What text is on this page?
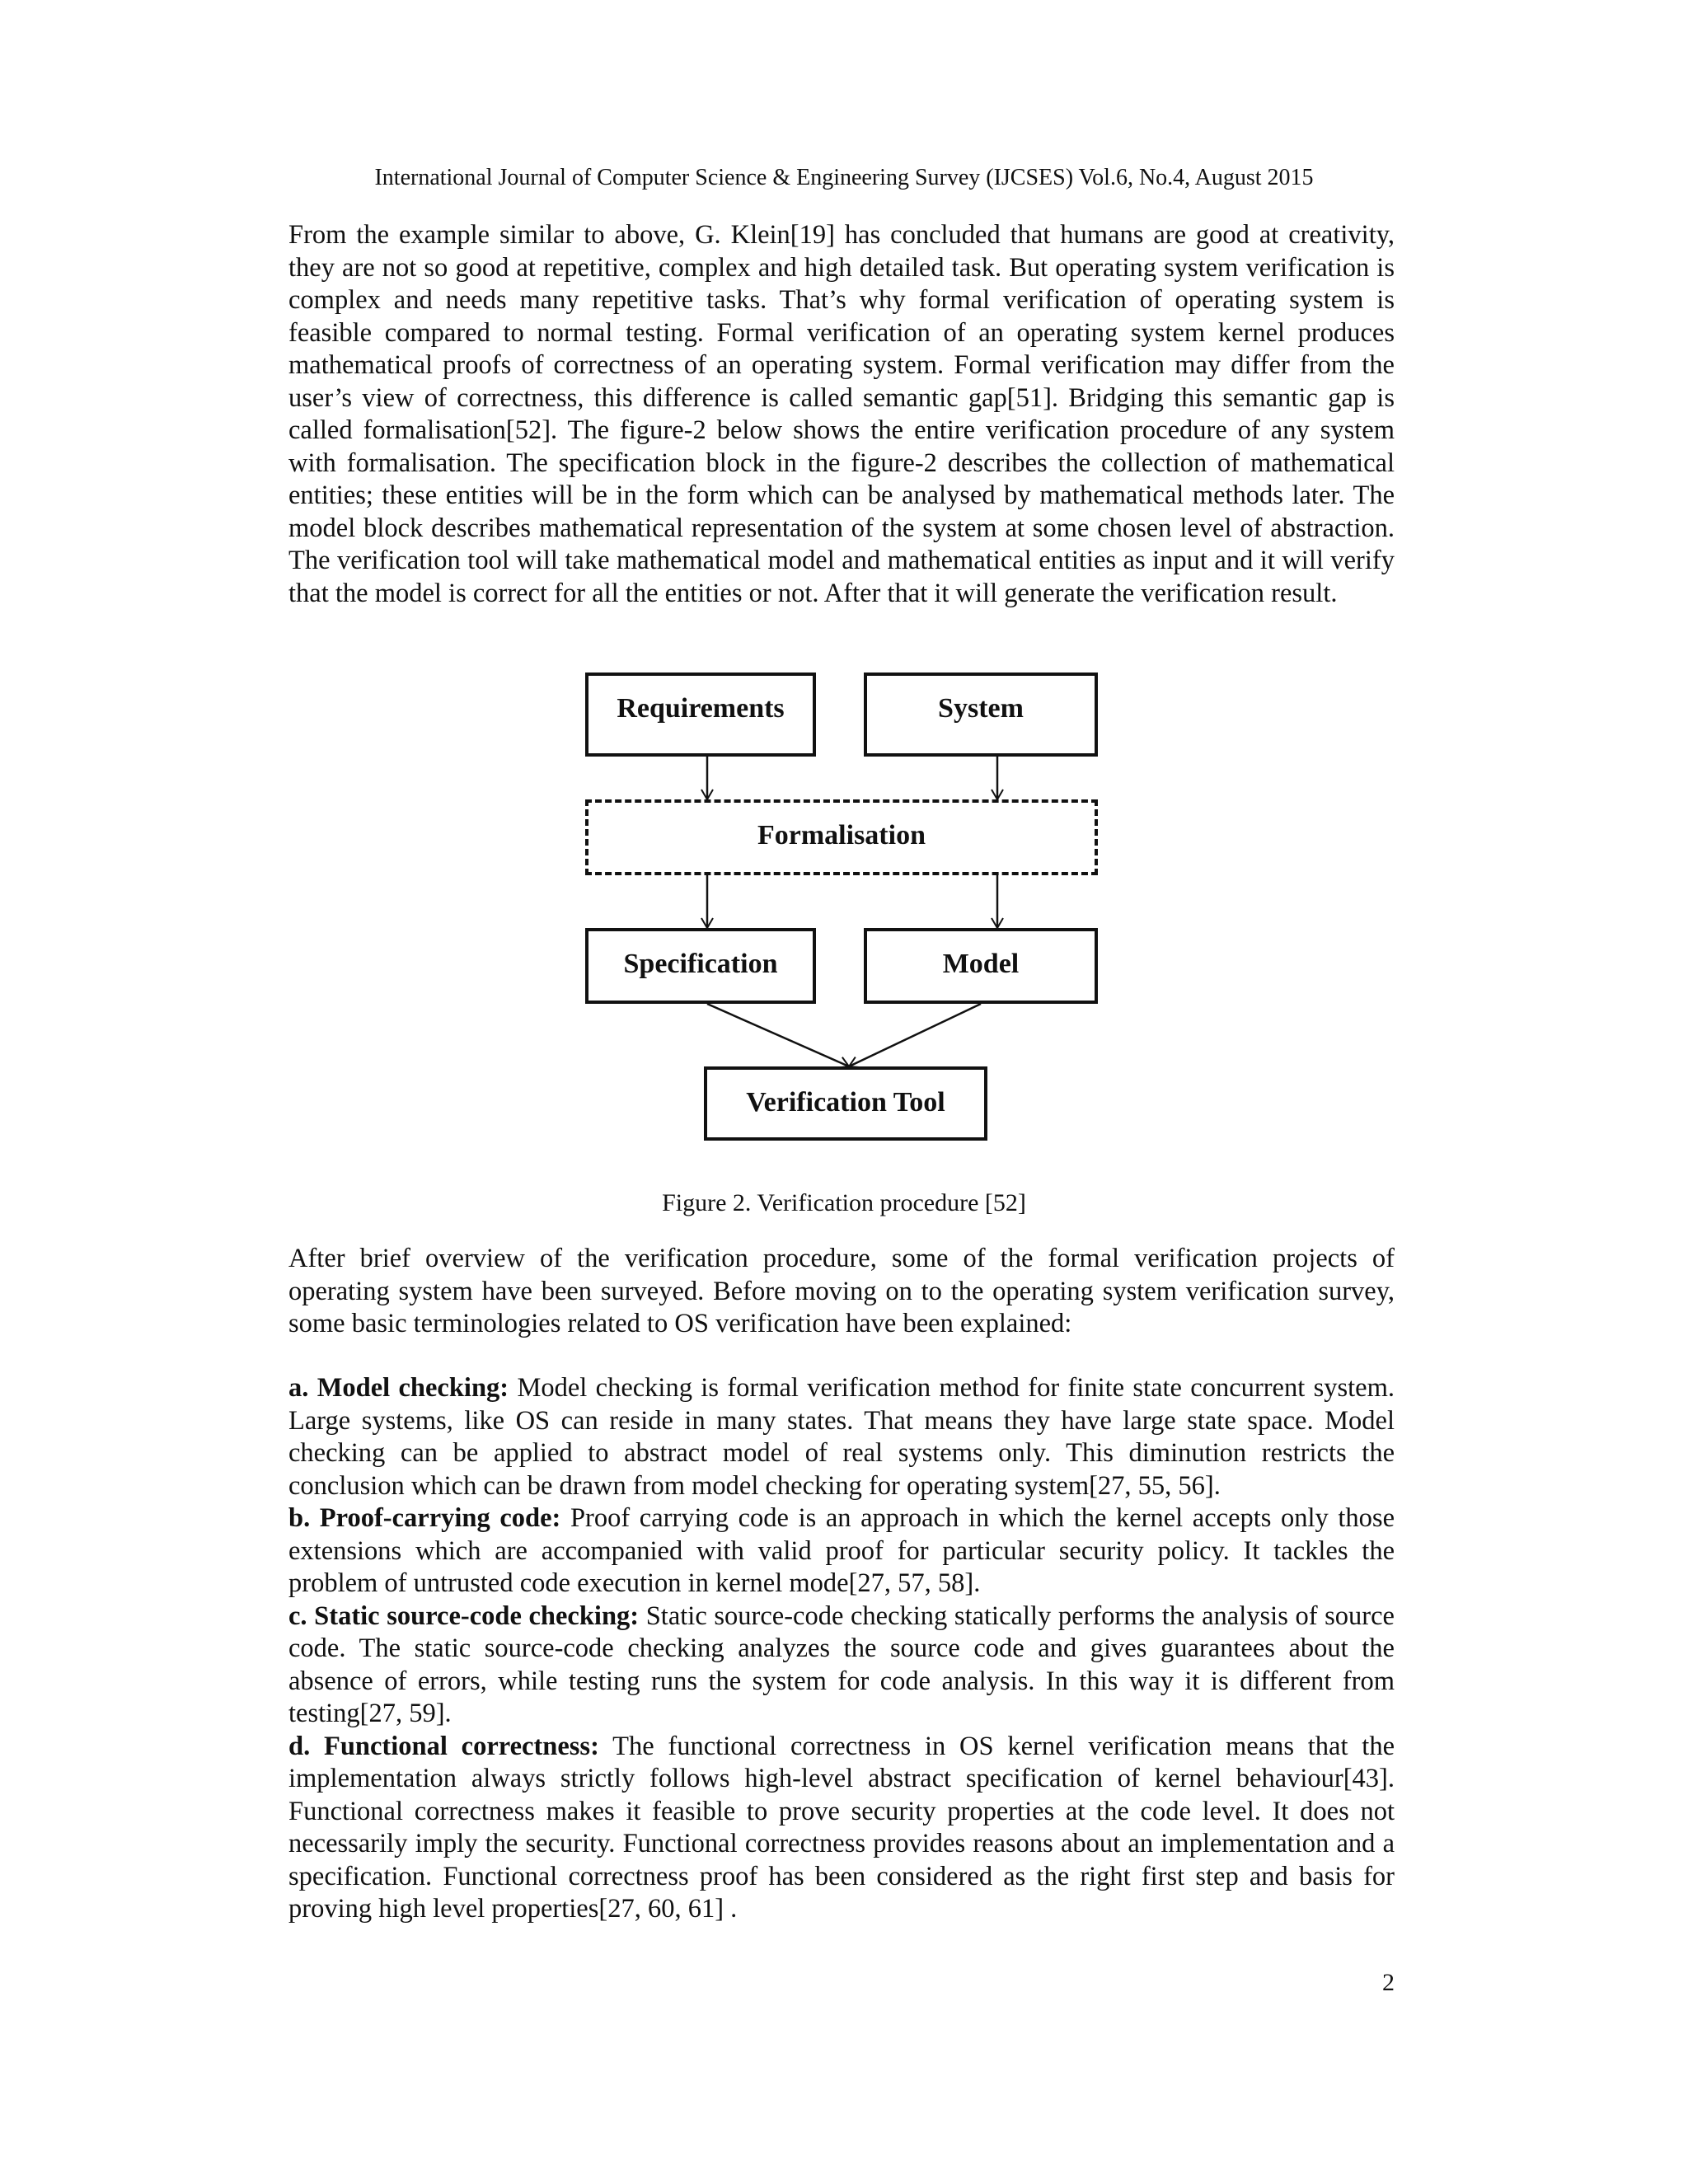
International Journal of Computer Science & Engineering Survey (IJCSES) Vol.6, No.4, August 2015

From the example similar to above, G. Klein[19] has concluded that humans are good at creativity, they are not so good at repetitive, complex and high detailed task. But operating system verification is complex and needs many repetitive tasks. That’s why formal verification of operating system is feasible compared to normal testing. Formal verification of an operating system kernel produces mathematical proofs of correctness of an operating system. Formal verification may differ from the user’s view of correctness, this difference is called semantic gap[51]. Bridging this semantic gap is called formalisation[52]. The figure-2 below shows the entire verification procedure of any system with formalisation. The specification block in the figure-2 describes the collection of mathematical entities; these entities will be in the form which can be analysed by mathematical methods later. The model block describes mathematical representation of the system at some chosen level of abstraction. The verification tool will take mathematical model and mathematical entities as input and it will verify that the model is correct for all the entities or not. After that it will generate the verification result.

Requirements	System
Formalisation
Specification	Model
Verification Tool
Figure 2. Verification procedure [52]

After brief overview of the verification procedure, some of the formal verification projects of operating system have been surveyed. Before moving on to the operating system verification survey, some basic terminologies related to OS verification have been explained:

a. Model checking: Model checking is formal verification method for finite state concurrent system. Large systems, like OS can reside in many states. That means they have large state space. Model checking can be applied to abstract model of real systems only. This diminution restricts the conclusion which can be drawn from model checking for operating system[27, 55, 56].

b. Proof-carrying code: Proof carrying code is an approach in which the kernel accepts only those extensions which are accompanied with valid proof for particular security policy. It tackles the problem of untrusted code execution in kernel mode[27, 57, 58].

c. Static source-code checking: Static source-code checking statically performs the analysis of source code. The static source-code checking analyzes the source code and gives guarantees about the absence of errors, while testing runs the system for code analysis. In this way it is different from testing[27, 59].

d. Functional correctness: The functional correctness in OS kernel verification means that the implementation always strictly follows high-level abstract specification of kernel behaviour[43]. Functional correctness makes it feasible to prove security properties at the code level. It does not necessarily imply the security. Functional correctness provides reasons about an implementation and a specification. Functional correctness proof has been considered as the right first step and basis for proving high level properties[27, 60, 61] .

2
